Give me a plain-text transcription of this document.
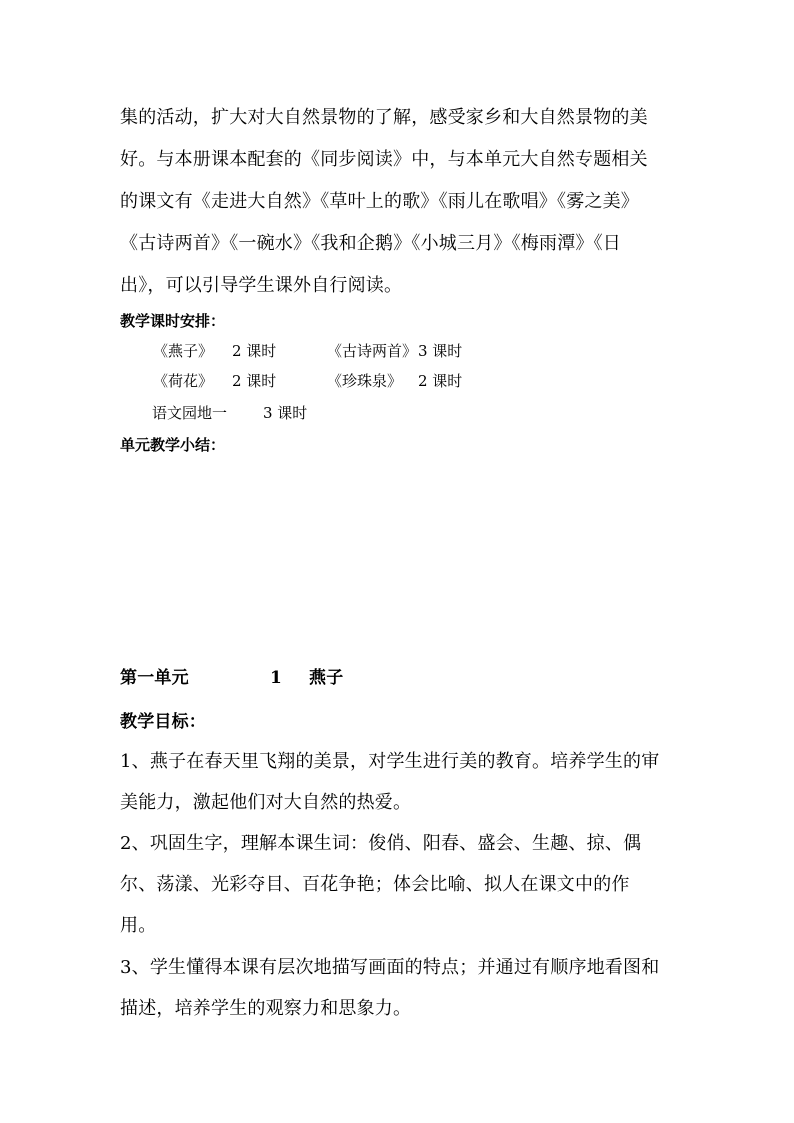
集的活动，扩大对大自然景物的了解，感受家乡和大自然景物的美
好。与本册课本配套的《同步阅读》中，与本单元大自然专题相关
的课文有《走进大自然》《草叶上的歌》《雨儿在歌唱》《雾之美》
《古诗两首》《一碗水》《我和企鹅》《小城三月》《梅雨潭》《日
出》，可以引导学生课外自行阅读。
教学课时安排：
《燕子》 2 课时	《古诗两首》 3 课时
《荷花》 2 课时	《珍珠泉》 2 课时
语文园地一 3 课时
单元教学小结：
第一单元	1 燕子
教学目标：
1、燕子在春天里飞翔的美景，对学生进行美的教育。培养学生的审
美能力，激起他们对大自然的热爱。
2、巩固生字，理解本课生词：俊俏、阳春、盛会、生趣、掠、偶
尔、荡漾、光彩夺目、百花争艳；体会比喻、拟人在课文中的作
用。
3、学生懂得本课有层次地描写画面的特点；并通过有顺序地看图和
描述，培养学生的观察力和思象力。
